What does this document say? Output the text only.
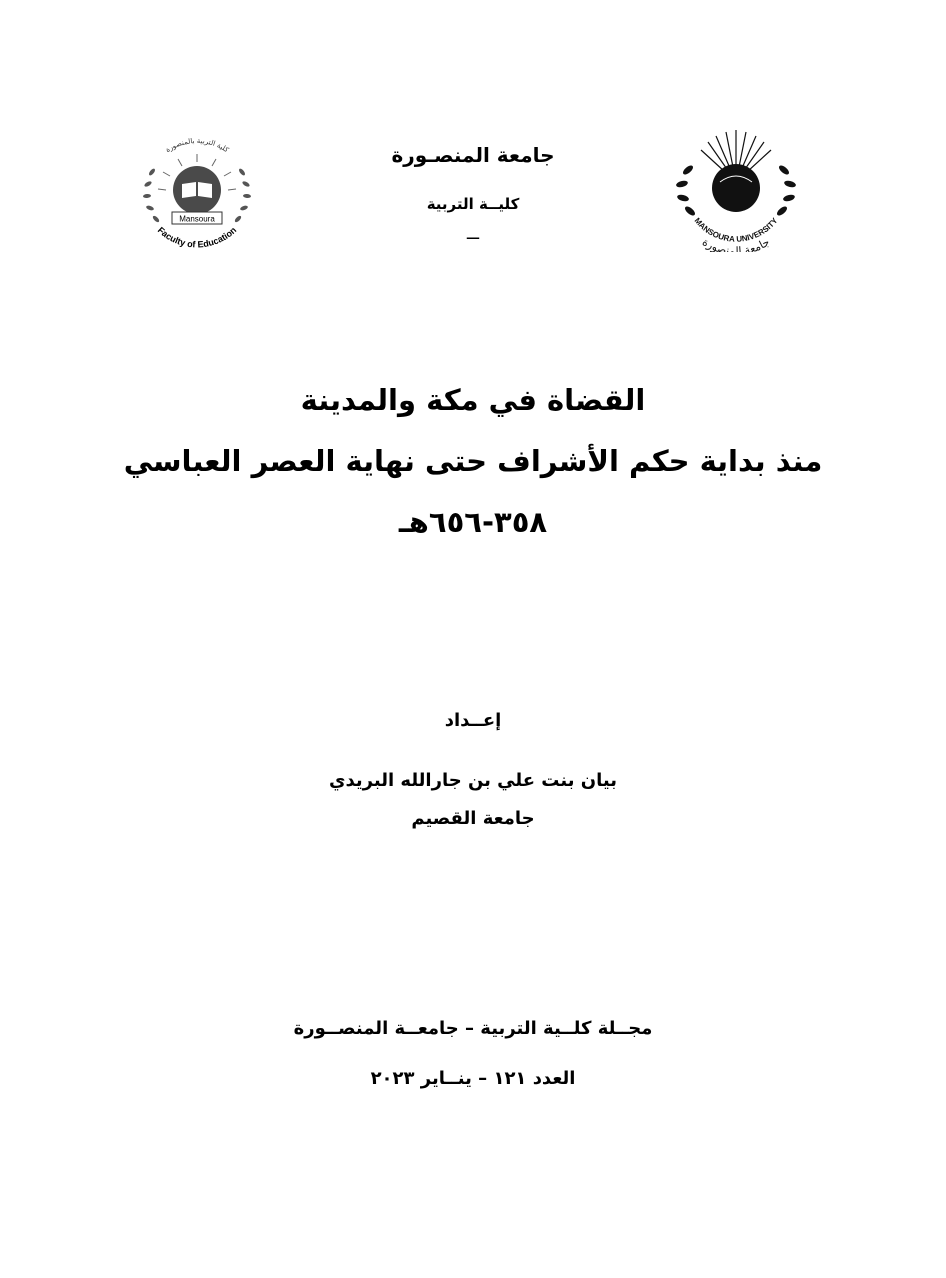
Mansoura
كلية التربية بالمنصورة
Faculty of Education
MANSOURA UNIVERSITY
جامعة المنصورة
جامعة المنصـورة
كليــة التربية
ـــ
القضاة في مكة والمدينة
منذ بداية حكم الأشراف حتى نهاية العصر العباسي
٣٥٨-٦٥٦هـ
إعــداد
بيان بنت علي بن جارالله البريدي
جامعة القصيم
مجــلة كلــية التربية – جامعــة المنصــورة
العدد ١٢١ – ينــاير ٢٠٢٣
